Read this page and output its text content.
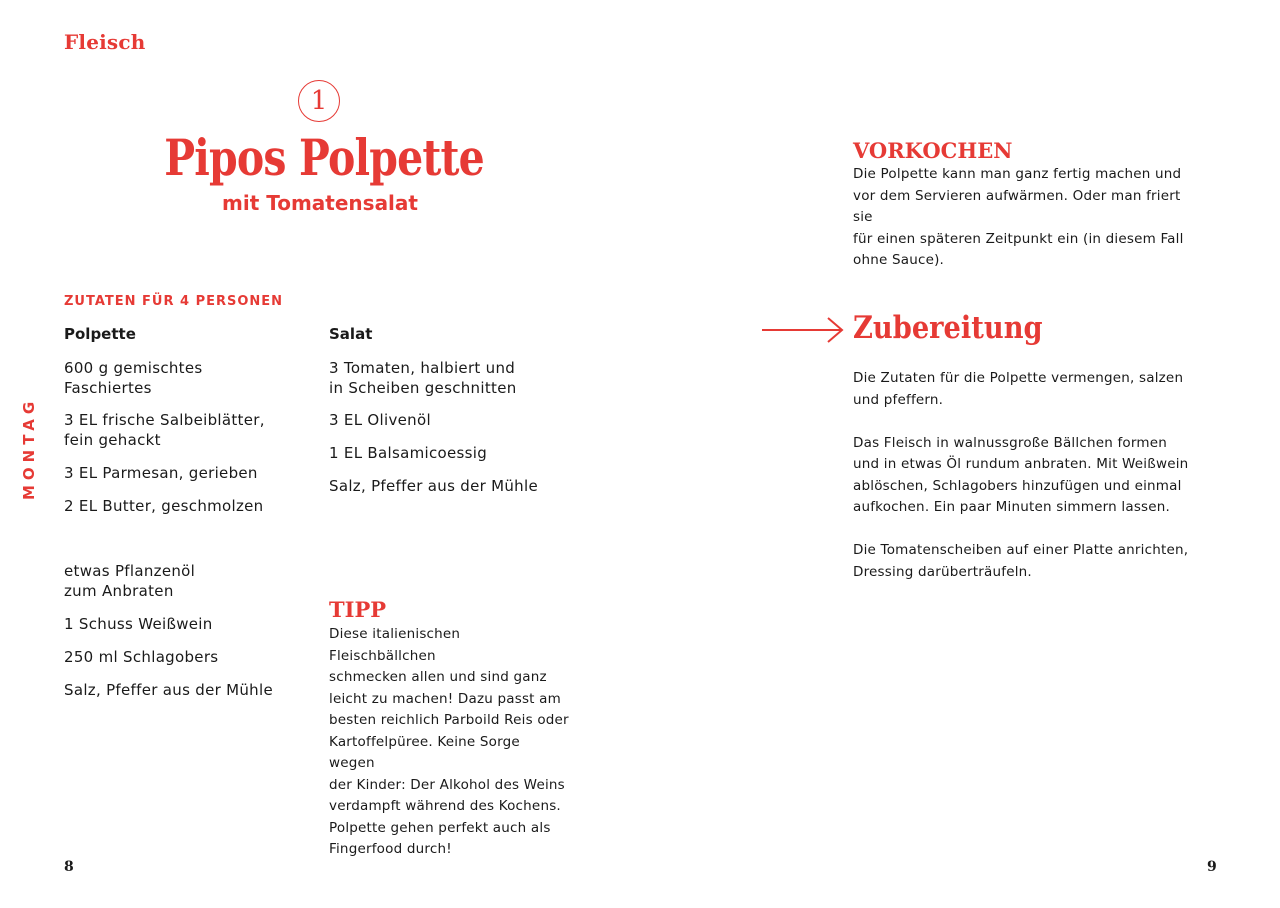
Fleisch
MONTAG
1
Pipos Polpette
mit Tomatensalat
ZUTATEN FÜR 4 PERSONEN
Polpette
600 g gemischtes
Faschiertes
3 EL frische Salbeiblätter,
fein gehackt
3 EL Parmesan, gerieben
2 EL Butter, geschmolzen
etwas Pflanzenöl
zum Anbraten
1 Schuss Weißwein
250 ml Schlagobers
Salz, Pfeffer aus der Mühle
Salat
3 Tomaten, halbiert und
in Scheiben geschnitten
3 EL Olivenöl
1 EL Balsamicoessig
Salz, Pfeffer aus der Mühle
TIPP
Diese italienischen Fleischbällchen
schmecken allen und sind ganz
leicht zu machen! Dazu passt am
besten reichlich Parboild Reis oder
Kartoffelpüree. Keine Sorge wegen
der Kinder: Der Alkohol des Weins
verdampft während des Kochens.
Polpette gehen perfekt auch als
Fingerfood durch!
VORKOCHEN
Die Polpette kann man ganz fertig machen und
vor dem Servieren aufwärmen. Oder man friert sie
für einen späteren Zeitpunkt ein (in diesem Fall
ohne Sauce).
Zubereitung

Die Zutaten für die Polpette vermengen, salzen
und pfeffern.

Das Fleisch in walnussgroße Bällchen formen
und in etwas Öl rundum anbraten. Mit Weißwein
ablöschen, Schlagobers hinzufügen und einmal
aufkochen. Ein paar Minuten simmern lassen.

Die Tomatenscheiben auf einer Platte anrichten,
Dressing darüberträufeln.

8	9
